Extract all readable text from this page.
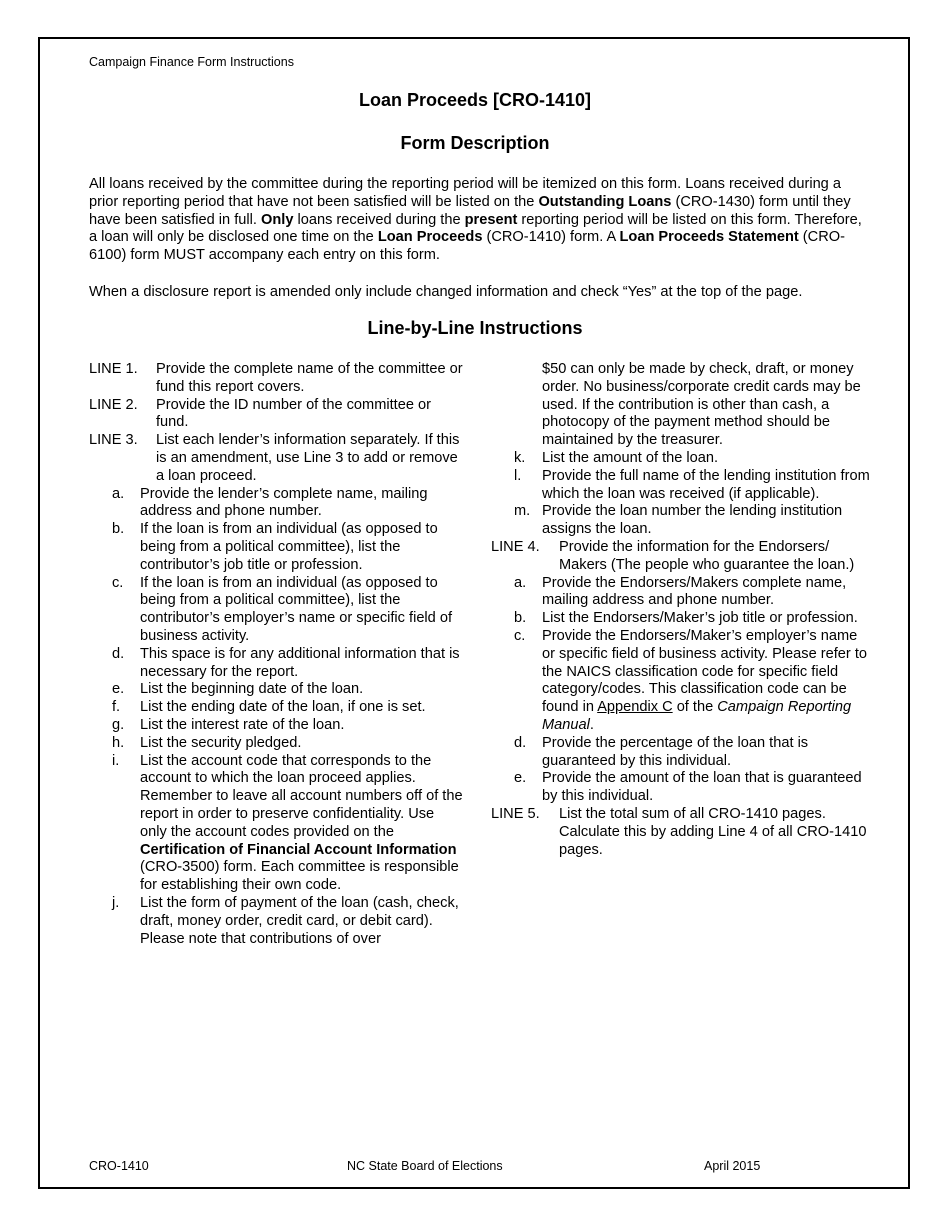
Campaign Finance Form Instructions
Loan Proceeds [CRO-1410]
Form Description
All loans received by the committee during the reporting period will be itemized on this form. Loans received during a prior reporting period that have not been satisfied will be listed on the Outstanding Loans (CRO-1430) form until they have been satisfied in full. Only loans received during the present reporting period will be listed on this form. Therefore, a loan will only be disclosed one time on the Loan Proceeds (CRO-1410) form. A Loan Proceeds Statement (CRO-6100) form MUST accompany each entry on this form.
When a disclosure report is amended only include changed information and check “Yes” at the top of the page.
Line-by-Line Instructions
LINE 1.	Provide the complete name of the committee or fund this report covers.
LINE 2.	Provide the ID number of the committee or fund.
LINE 3.	List each lender’s information separately. If this is an amendment, use Line 3 to add or remove a loan proceed.
a.	Provide the lender’s complete name, mailing address and phone number.
b.	If the loan is from an individual (as opposed to being from a political committee), list the contributor’s job title or profession.
c.	If the loan is from an individual (as opposed to being from a political committee), list the contributor’s employer’s name or specific field of business activity.
d.	This space is for any additional information that is necessary for the report.
e.	List the beginning date of the loan.
f.	List the ending date of the loan, if one is set.
g.	List the interest rate of the loan.
h.	List the security pledged.
i.	List the account code that corresponds to the account to which the loan proceed applies. Remember to leave all account numbers off of the report in order to preserve confidentiality. Use only the account codes provided on the Certification of Financial Account Information (CRO-3500) form. Each committee is responsible for establishing their own code.
j.	List the form of payment of the loan (cash, check, draft, money order, credit card, or debit card). Please note that contributions of over
$50 can only be made by check, draft, or money order. No business/corporate credit cards may be used. If the contribution is other than cash, a photocopy of the payment method should be maintained by the treasurer.
k.	List the amount of the loan.
l.	Provide the full name of the lending institution from which the loan was received (if applicable).
m. Provide the loan number the lending institution assigns the loan.
LINE 4.	Provide the information for the Endorsers/ Makers (The people who guarantee the loan.)
a.	Provide the Endorsers/Makers complete name, mailing address and phone number.
b.	List the Endorsers/Maker’s job title or profession.
c.	Provide the Endorsers/Maker’s employer’s name or specific field of business activity. Please refer to the NAICS classification code for specific field category/codes. This classification code can be found in Appendix C of the Campaign Reporting Manual.
d.	Provide the percentage of the loan that is guaranteed by this individual.
e.	Provide the amount of the loan that is guaranteed by this individual.
LINE 5.	List the total sum of all CRO-1410 pages. Calculate this by adding Line 4 of all CRO-1410 pages.
CRO-1410	NC State Board of Elections	April 2015
